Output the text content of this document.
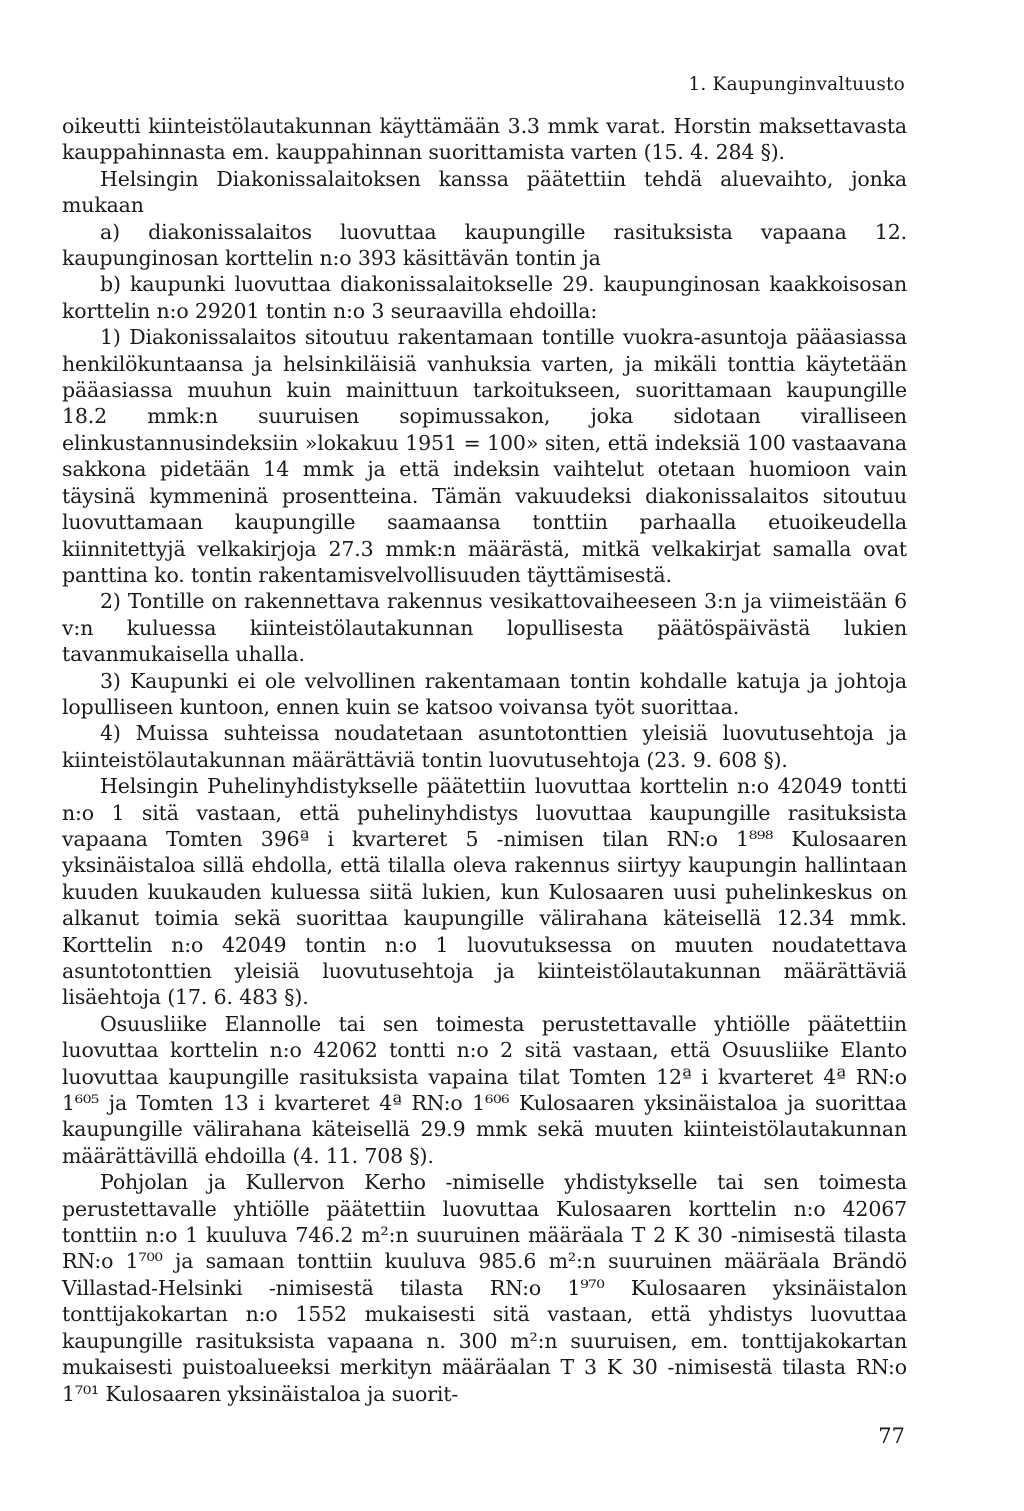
1. Kaupunginvaltuusto

oikeutti kiinteistölautakunnan käyttämään 3.3 mmk varat. Horstin maksettavasta kauppahinnasta em. kauppahinnan suorittamista varten (15. 4. 284 §).

Helsingin Diakonissalaitoksen kanssa päätettiin tehdä aluevaihto, jonka mukaan

a) diakonissalaitos luovuttaa kaupungille rasituksista vapaana 12. kaupunginosan korttelin n:o 393 käsittävän tontin ja

b) kaupunki luovuttaa diakonissalaitokselle 29. kaupunginosan kaakkoisosan korttelin n:o 29201 tontin n:o 3 seuraavilla ehdoilla:

1) Diakonissalaitos sitoutuu rakentamaan tontille vuokra-asuntoja pääasiassa henkilökuntaansa ja helsinkiläisiä vanhuksia varten, ja mikäli tonttia käytetään pääasiassa muuhun kuin mainittuun tarkoitukseen, suorittamaan kaupungille 18.2 mmk:n suuruisen sopimussakon, joka sidotaan viralliseen elinkustannusindeksiin »lokakuu 1951 = 100» siten, että indeksiä 100 vastaavana sakkona pidetään 14 mmk ja että indeksin vaihtelut otetaan huomioon vain täysinä kymmeninä prosentteina. Tämän vakuudeksi diakonissalaitos sitoutuu luovuttamaan kaupungille saamaansa tonttiin parhaalla etuoikeudella kiinnitettyjä velkakirjoja 27.3 mmk:n määrästä, mitkä velkakirjat samalla ovat panttina ko. tontin rakentamisvelvollisuuden täyttämisestä.

2) Tontille on rakennettava rakennus vesikattovaiheeseen 3:n ja viimeistään 6 v:n kuluessa kiinteistölautakunnan lopullisesta päätöspäivästä lukien tavanmukaisella uhalla.

3) Kaupunki ei ole velvollinen rakentamaan tontin kohdalle katuja ja johtoja lopulliseen kuntoon, ennen kuin se katsoo voivansa työt suorittaa.

4) Muissa suhteissa noudatetaan asuntotonttien yleisiä luovutusehtoja ja kiinteistölautakunnan määrättäviä tontin luovutusehtoja (23. 9. 608 §).

Helsingin Puhelinyhdistykselle päätettiin luovuttaa korttelin n:o 42049 tontti n:o 1 sitä vastaan, että puhelinyhdistys luovuttaa kaupungille rasituksista vapaana Tomten 396ª i kvarteret 5 -nimisen tilan RN:o 1⁸⁹⁸ Kulosaaren yksinäistaloa sillä ehdolla, että tilalla oleva rakennus siirtyy kaupungin hallintaan kuuden kuukauden kuluessa siitä lukien, kun Kulosaaren uusi puhelinkeskus on alkanut toimia sekä suorittaa kaupungille välirahana käteisellä 12.34 mmk. Korttelin n:o 42049 tontin n:o 1 luovutuksessa on muuten noudatettava asuntotonttien yleisiä luovutusehtoja ja kiinteistölautakunnan määrättäviä lisäehtoja (17. 6. 483 §).

Osuusliike Elannolle tai sen toimesta perustettavalle yhtiölle päätettiin luovuttaa korttelin n:o 42062 tontti n:o 2 sitä vastaan, että Osuusliike Elanto luovuttaa kaupungille rasituksista vapaina tilat Tomten 12ª i kvarteret 4ª RN:o 1⁶⁰⁵ ja Tomten 13 i kvarteret 4ª RN:o 1⁶⁰⁶ Kulosaaren yksinäistaloa ja suorittaa kaupungille välirahana käteisellä 29.9 mmk sekä muuten kiinteistölautakunnan määrättävillä ehdoilla (4. 11. 708 §).

Pohjolan ja Kullervon Kerho -nimiselle yhdistykselle tai sen toimesta perustettavalle yhtiölle päätettiin luovuttaa Kulosaaren korttelin n:o 42067 tonttiin n:o 1 kuuluva 746.2 m²:n suuruinen määräala T 2 K 30 -nimisestä tilasta RN:o 1⁷⁰⁰ ja samaan tonttiin kuuluva 985.6 m²:n suuruinen määräala Brändö Villastad-Helsinki -nimisestä tilasta RN:o 1⁹⁷⁰ Kulosaaren yksinäistalon tonttijakokartan n:o 1552 mukaisesti sitä vastaan, että yhdistys luovuttaa kaupungille rasituksista vapaana n. 300 m²:n suuruisen, em. tonttijakokartan mukaisesti puistoalueeksi merkityn määräalan T 3 K 30 -nimisestä tilasta RN:o 1⁷⁰¹ Kulosaaren yksinäistaloa ja suorit-

77
